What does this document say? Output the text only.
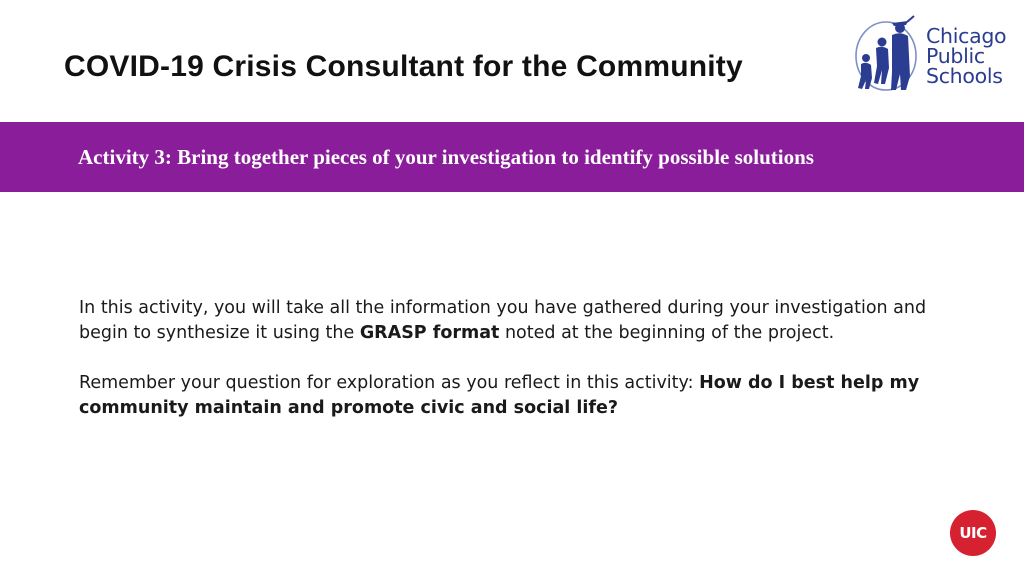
COVID-19 Crisis Consultant for the Community
Chicago
Public
Schools
Activity 3: Bring together pieces of your investigation to identify possible solutions

In this activity, you will take all the information you have gathered during your investigation and begin to synthesize it using the GRASP format noted at the beginning of the project.

Remember your question for exploration as you reflect in this activity: How do I best help my community maintain and promote civic and social life?

UIC
